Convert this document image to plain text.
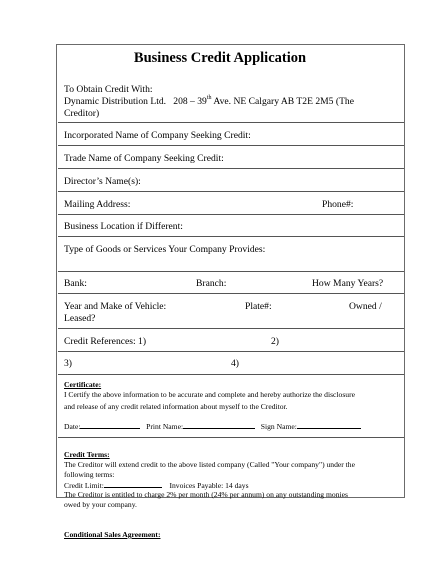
Business Credit Application
To Obtain Credit With:
Dynamic Distribution Ltd. 208 – 39th Ave. NE Calgary AB T2E 2M5 (The
Creditor)
Incorporated Name of Company Seeking Credit:
Trade Name of Company Seeking Credit:
Director’s Name(s):
Mailing Address:	Phone#:
Business Location if Different:
Type of Goods or Services Your Company Provides:
Bank:	Branch:	How Many Years?
Year and Make of Vehicle:	Plate#:	Owned /
Leased?
Credit References: 1)	2)
3)	4)
Certificate:
I Certify the above information to be accurate and complete and hereby authorize the disclosure
and release of any credit related information about myself to the Creditor.
Date:	Print Name:	Sign Name:
Credit Terms:
The Creditor will extend credit to the above listed company (Called "Your company") under the
following terms:
Credit Limit:	Invoices Payable: 14 days
The Creditor is entitled to charge 2% per month (24% per annum) on any outstanding monies
owed by your company.
Conditional Sales Agreement:
